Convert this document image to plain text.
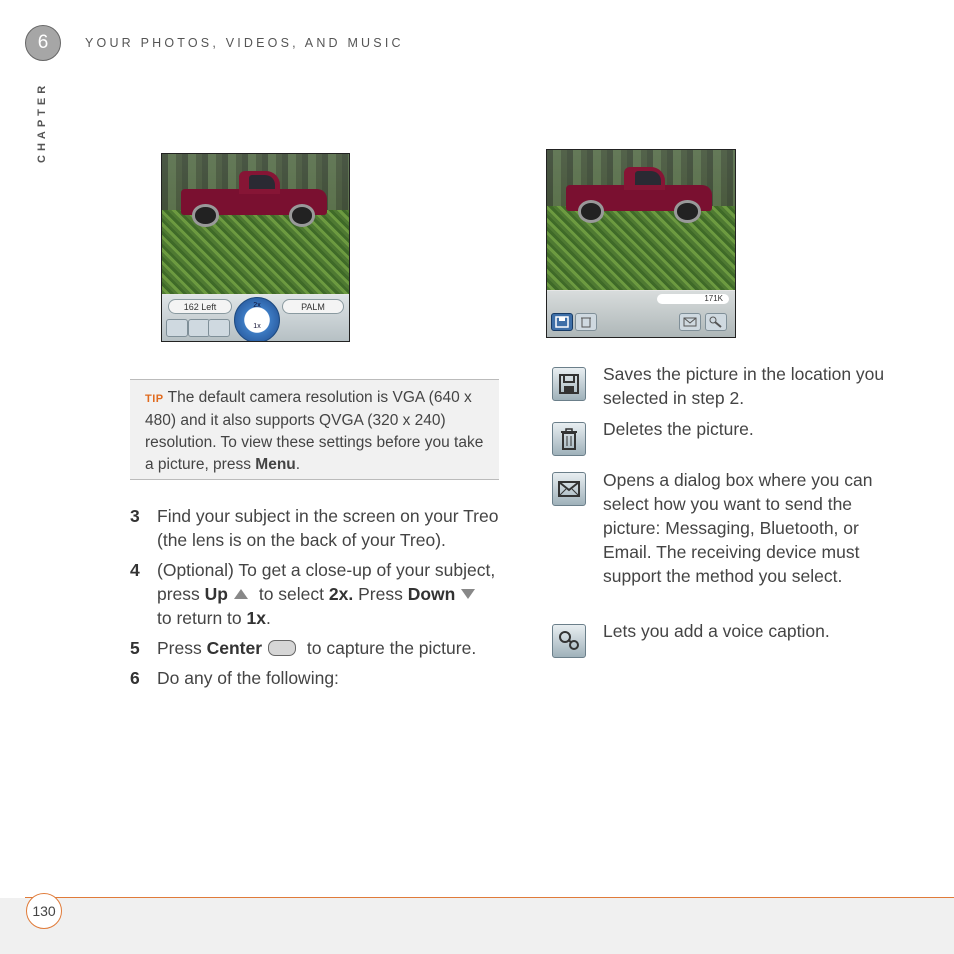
6	YOUR PHOTOS, VIDEOS, AND MUSIC
CHAPTER
162 Left	2x
1x
PALM
171K
TIP The default camera resolution is VGA (640 x 480) and it also supports QVGA (320 x 240) resolution. To view these settings before you take a picture, press Menu.
3 Find your subject in the screen on your Treo (the lens is on the back of your Treo).
4 (Optional) To get a close-up of your subject, press Up to select 2x. Press Down to return to 1x.
5 Press Center to capture the picture.
6 Do any of the following:
Saves the picture in the location you selected in step 2.
Deletes the picture.
Opens a dialog box where you can select how you want to send the picture: Messaging, Bluetooth, or Email. The receiving device must support the method you select.
Lets you add a voice caption.
130
